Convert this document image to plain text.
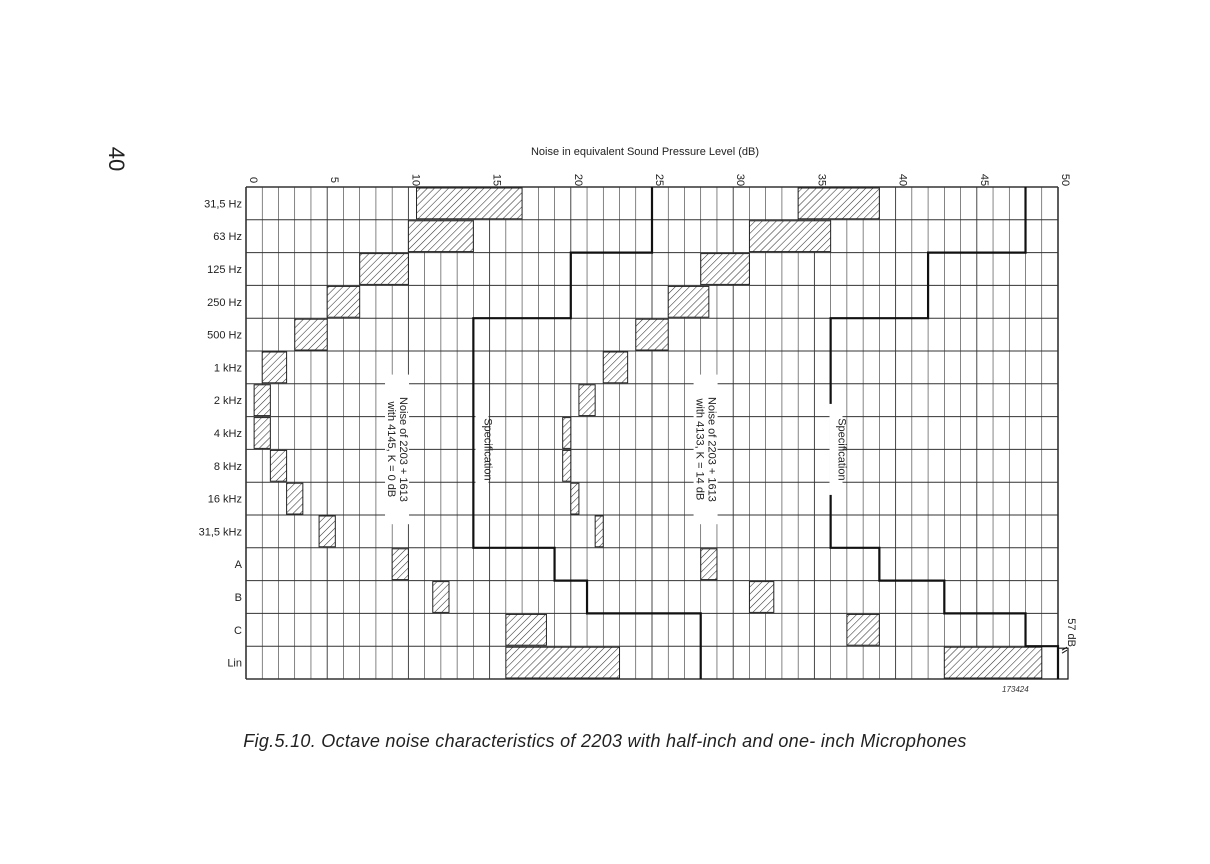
40	Noise in equivalent Sound Pressure Level (dB)
0	5	10	15	20	25	30	35	40	45	50
31,5 Hz
63 Hz
125 Hz
250 Hz
500 Hz
1 kHz
2 kHz
4 kHz
8 kHz
16 kHz
31,5 kHz
A
B
C
Lin
Noise of 2203 + 1613
with 4145, K = 0 dB	Specification	Noise of 2203 + 1613
with 4133, K = 14 dB	Specification
57 dB
173424
Fig.5.10. Octave noise characteristics of 2203 with half-inch and one- inch Microphones
